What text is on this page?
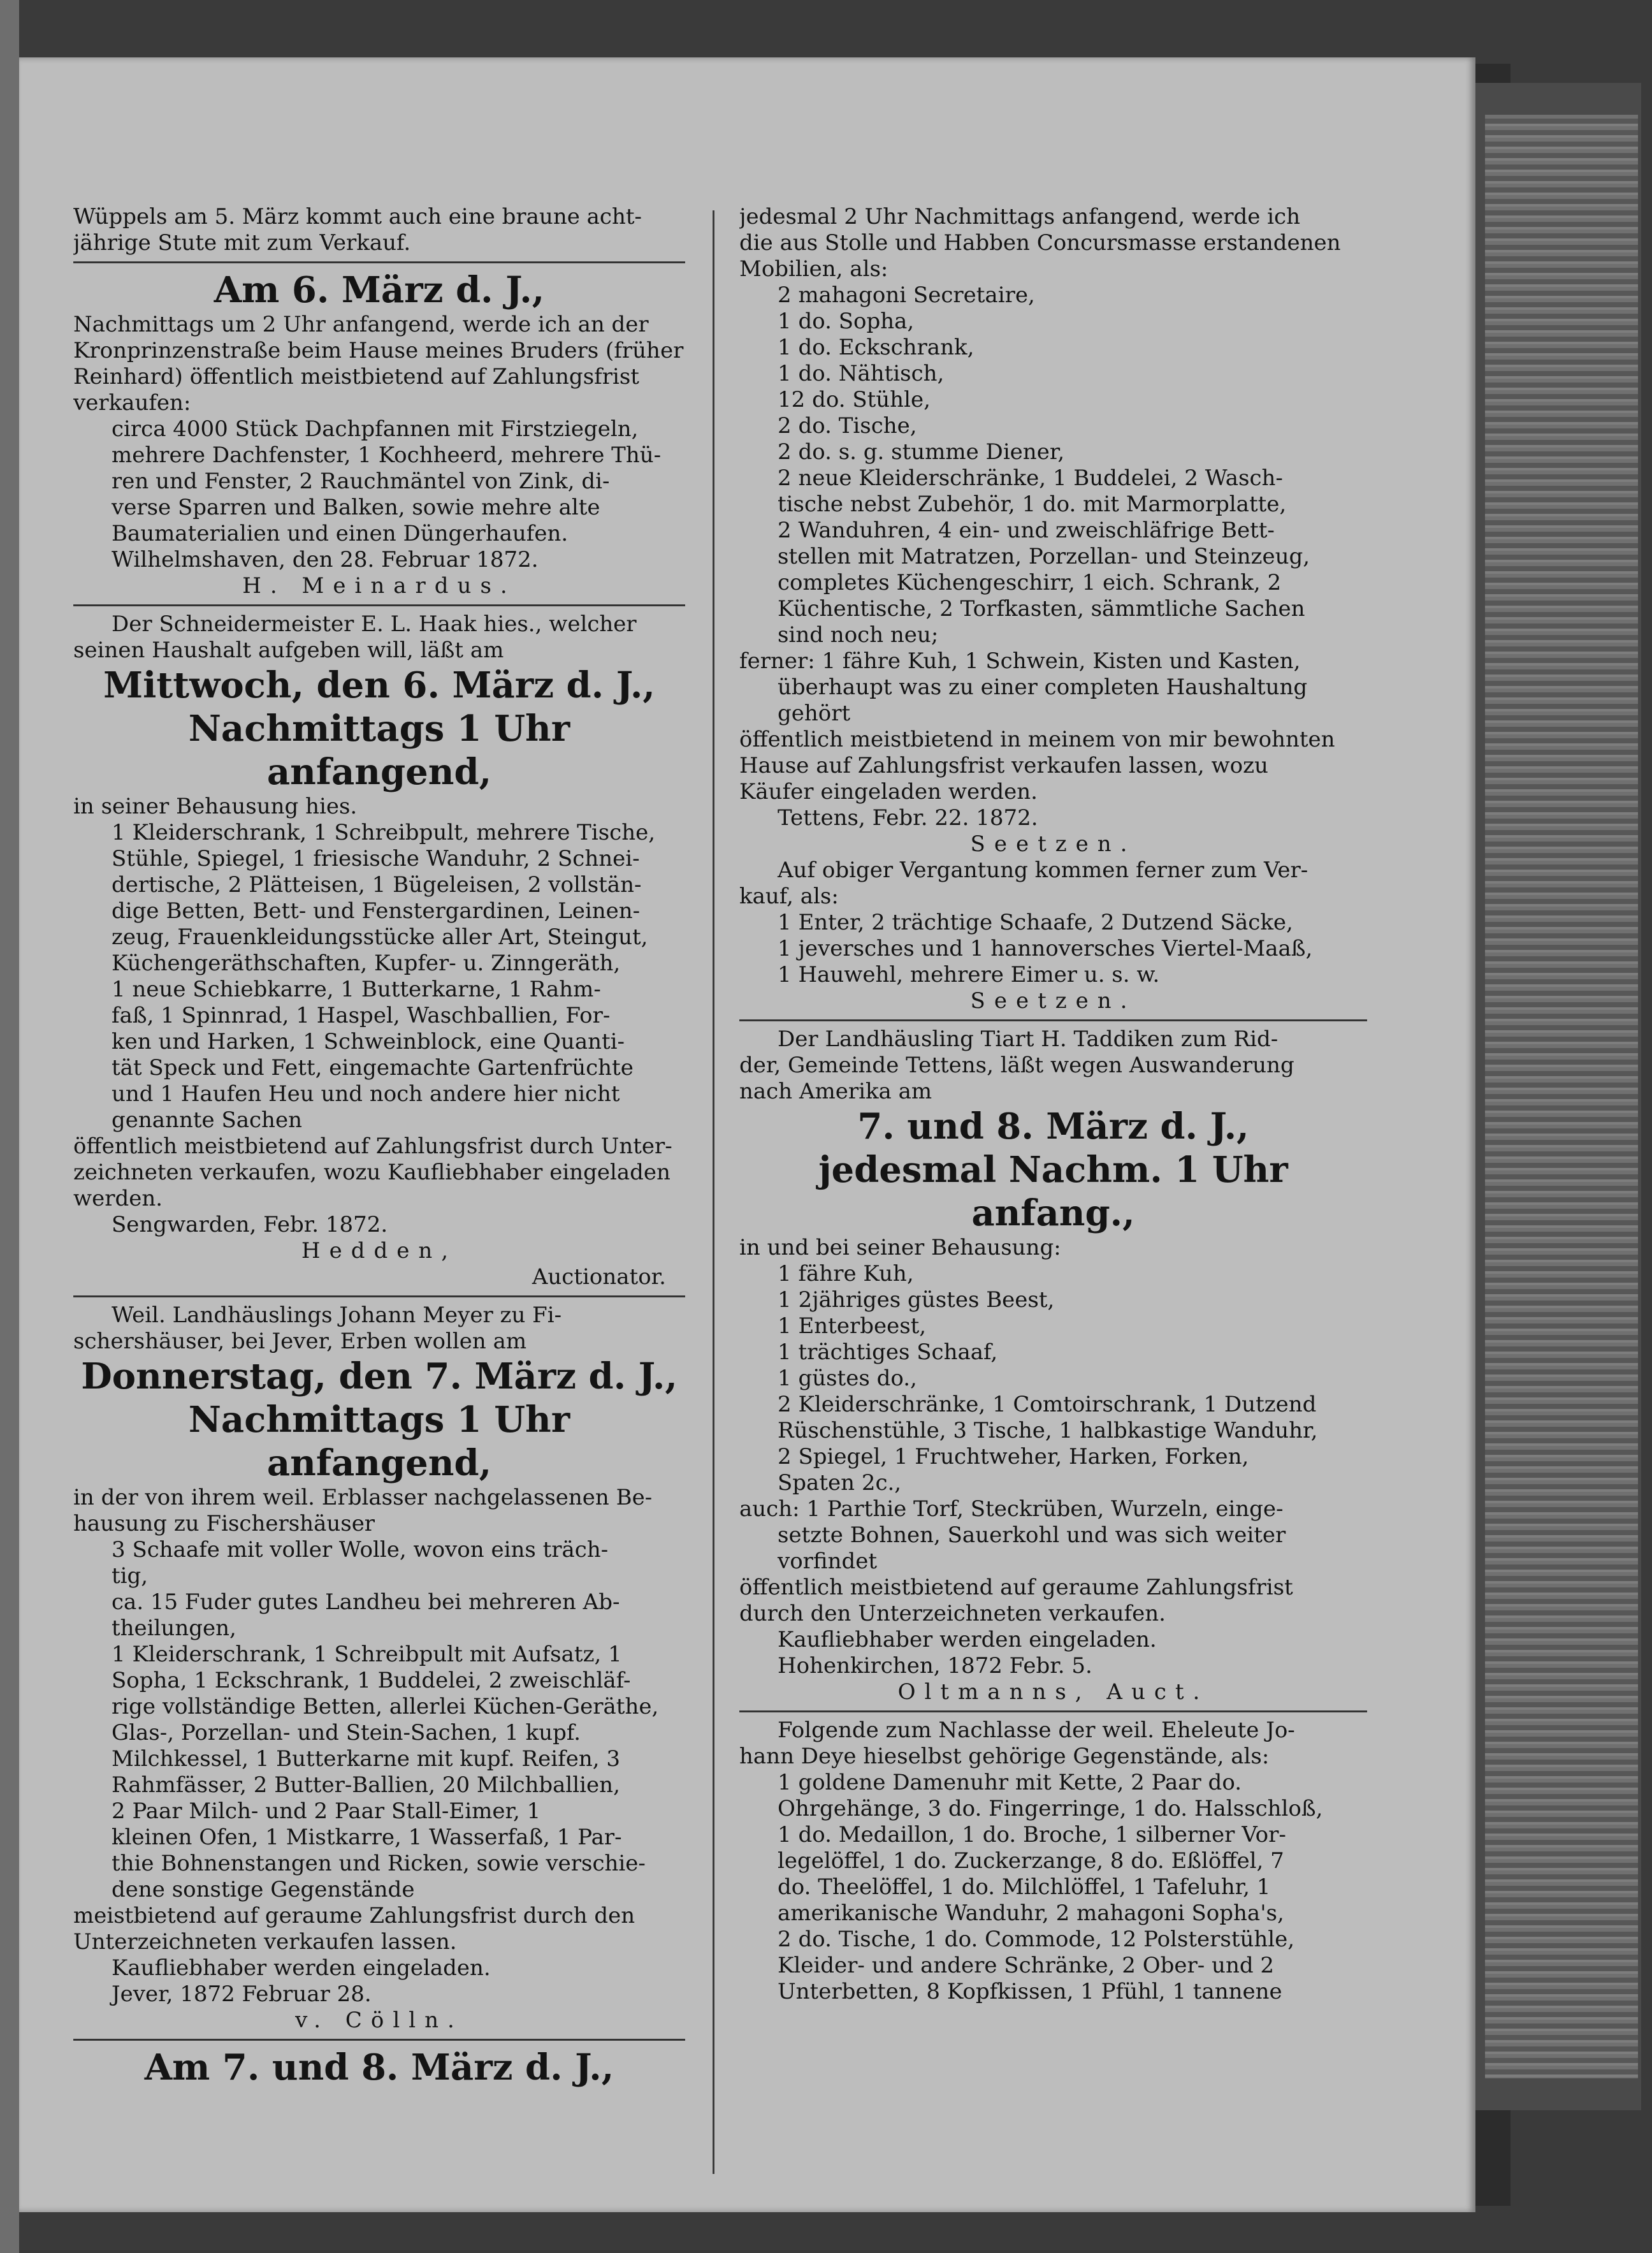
Wüppels am 5. März kommt auch eine braune acht-
jährige Stute mit zum Verkauf.
Am 6. März d. J.,
Nachmittags um 2 Uhr anfangend, werde ich an der
Kronprinzenstraße beim Hause meines Bruders (früher
Reinhard) öffentlich meistbietend auf Zahlungsfrist
verkaufen:
circa 4000 Stück Dachpfannen mit Firstziegeln,
mehrere Dachfenster, 1 Kochheerd, mehrere Thü-
ren und Fenster, 2 Rauchmäntel von Zink, di-
verse Sparren und Balken, sowie mehre alte
Baumaterialien und einen Düngerhaufen.
Wilhelmshaven, den 28. Februar 1872.
H. Meinardus.
Der Schneidermeister E. L. Haak hies., welcher
seinen Haushalt aufgeben will, läßt am
Mittwoch, den 6. März d. J.,
Nachmittags 1 Uhr anfangend,
in seiner Behausung hies.
1 Kleiderschrank, 1 Schreibpult, mehrere Tische,
Stühle, Spiegel, 1 friesische Wanduhr, 2 Schnei-
dertische, 2 Plätteisen, 1 Bügeleisen, 2 vollstän-
dige Betten, Bett- und Fenstergardinen, Leinen-
zeug, Frauenkleidungsstücke aller Art, Steingut,
Küchengeräthschaften, Kupfer- u. Zinngeräth,
1 neue Schiebkarre, 1 Butterkarne, 1 Rahm-
faß, 1 Spinnrad, 1 Haspel, Waschballien, For-
ken und Harken, 1 Schweinblock, eine Quanti-
tät Speck und Fett, eingemachte Gartenfrüchte
und 1 Haufen Heu und noch andere hier nicht
genannte Sachen
öffentlich meistbietend auf Zahlungsfrist durch Unter-
zeichneten verkaufen, wozu Kaufliebhaber eingeladen
werden.
Sengwarden, Febr. 1872.
Hedden,
Auctionator.
Weil. Landhäuslings Johann Meyer zu Fi-
schershäuser, bei Jever, Erben wollen am
Donnerstag, den 7. März d. J.,
Nachmittags 1 Uhr anfangend,
in der von ihrem weil. Erblasser nachgelassenen Be-
hausung zu Fischershäuser
3 Schaafe mit voller Wolle, wovon eins träch-
tig,
ca. 15 Fuder gutes Landheu bei mehreren Ab-
theilungen,
1 Kleiderschrank, 1 Schreibpult mit Aufsatz, 1
Sopha, 1 Eckschrank, 1 Buddelei, 2 zweischläf-
rige vollständige Betten, allerlei Küchen-Geräthe,
Glas-, Porzellan- und Stein-Sachen, 1 kupf.
Milchkessel, 1 Butterkarne mit kupf. Reifen, 3
Rahmfässer, 2 Butter-Ballien, 20 Milchballien,
2 Paar Milch- und 2 Paar Stall-Eimer, 1
kleinen Ofen, 1 Mistkarre, 1 Wasserfaß, 1 Par-
thie Bohnenstangen und Ricken, sowie verschie-
dene sonstige Gegenstände
meistbietend auf geraume Zahlungsfrist durch den
Unterzeichneten verkaufen lassen.
Kaufliebhaber werden eingeladen.
Jever, 1872 Februar 28.
v. Cölln.
Am 7. und 8. März d. J.,
jedesmal 2 Uhr Nachmittags anfangend, werde ich
die aus Stolle und Habben Concursmasse erstandenen
Mobilien, als:
2 mahagoni Secretaire,
1 do. Sopha,
1 do. Eckschrank,
1 do. Nähtisch,
12 do. Stühle,
2 do. Tische,
2 do. s. g. stumme Diener,
2 neue Kleiderschränke, 1 Buddelei, 2 Wasch-
tische nebst Zubehör, 1 do. mit Marmorplatte,
2 Wanduhren, 4 ein- und zweischläfrige Bett-
stellen mit Matratzen, Porzellan- und Steinzeug,
completes Küchengeschirr, 1 eich. Schrank, 2
Küchentische, 2 Torfkasten, sämmtliche Sachen
sind noch neu;
ferner: 1 fähre Kuh, 1 Schwein, Kisten und Kasten,
überhaupt was zu einer completen Haushaltung
gehört
öffentlich meistbietend in meinem von mir bewohnten
Hause auf Zahlungsfrist verkaufen lassen, wozu
Käufer eingeladen werden.
Tettens, Febr. 22. 1872.
Seetzen.
Auf obiger Vergantung kommen ferner zum Ver-
kauf, als:
1 Enter, 2 trächtige Schaafe, 2 Dutzend Säcke,
1 jeversches und 1 hannoversches Viertel-Maaß,
1 Hauwehl, mehrere Eimer u. s. w.
Seetzen.
Der Landhäusling Tiart H. Taddiken zum Rid-
der, Gemeinde Tettens, läßt wegen Auswanderung
nach Amerika am
7. und 8. März d. J.,
jedesmal Nachm. 1 Uhr anfang.,
in und bei seiner Behausung:
1 fähre Kuh,
1 2jähriges güstes Beest,
1 Enterbeest,
1 trächtiges Schaaf,
1 güstes do.,
2 Kleiderschränke, 1 Comtoirschrank, 1 Dutzend
Rüschenstühle, 3 Tische, 1 halbkastige Wanduhr,
2 Spiegel, 1 Fruchtweher, Harken, Forken,
Spaten 2c.,
auch: 1 Parthie Torf, Steckrüben, Wurzeln, einge-
setzte Bohnen, Sauerkohl und was sich weiter
vorfindet
öffentlich meistbietend auf geraume Zahlungsfrist
durch den Unterzeichneten verkaufen.
Kaufliebhaber werden eingeladen.
Hohenkirchen, 1872 Febr. 5.
Oltmanns, Auct.
Folgende zum Nachlasse der weil. Eheleute Jo-
hann Deye hieselbst gehörige Gegenstände, als:
1 goldene Damenuhr mit Kette, 2 Paar do.
Ohrgehänge, 3 do. Fingerringe, 1 do. Halsschloß,
1 do. Medaillon, 1 do. Broche, 1 silberner Vor-
legelöffel, 1 do. Zuckerzange, 8 do. Eßlöffel, 7
do. Theelöffel, 1 do. Milchlöffel, 1 Tafeluhr, 1
amerikanische Wanduhr, 2 mahagoni Sopha's,
2 do. Tische, 1 do. Commode, 12 Polsterstühle,
Kleider- und andere Schränke, 2 Ober- und 2
Unterbetten, 8 Kopfkissen, 1 Pfühl, 1 tannene
